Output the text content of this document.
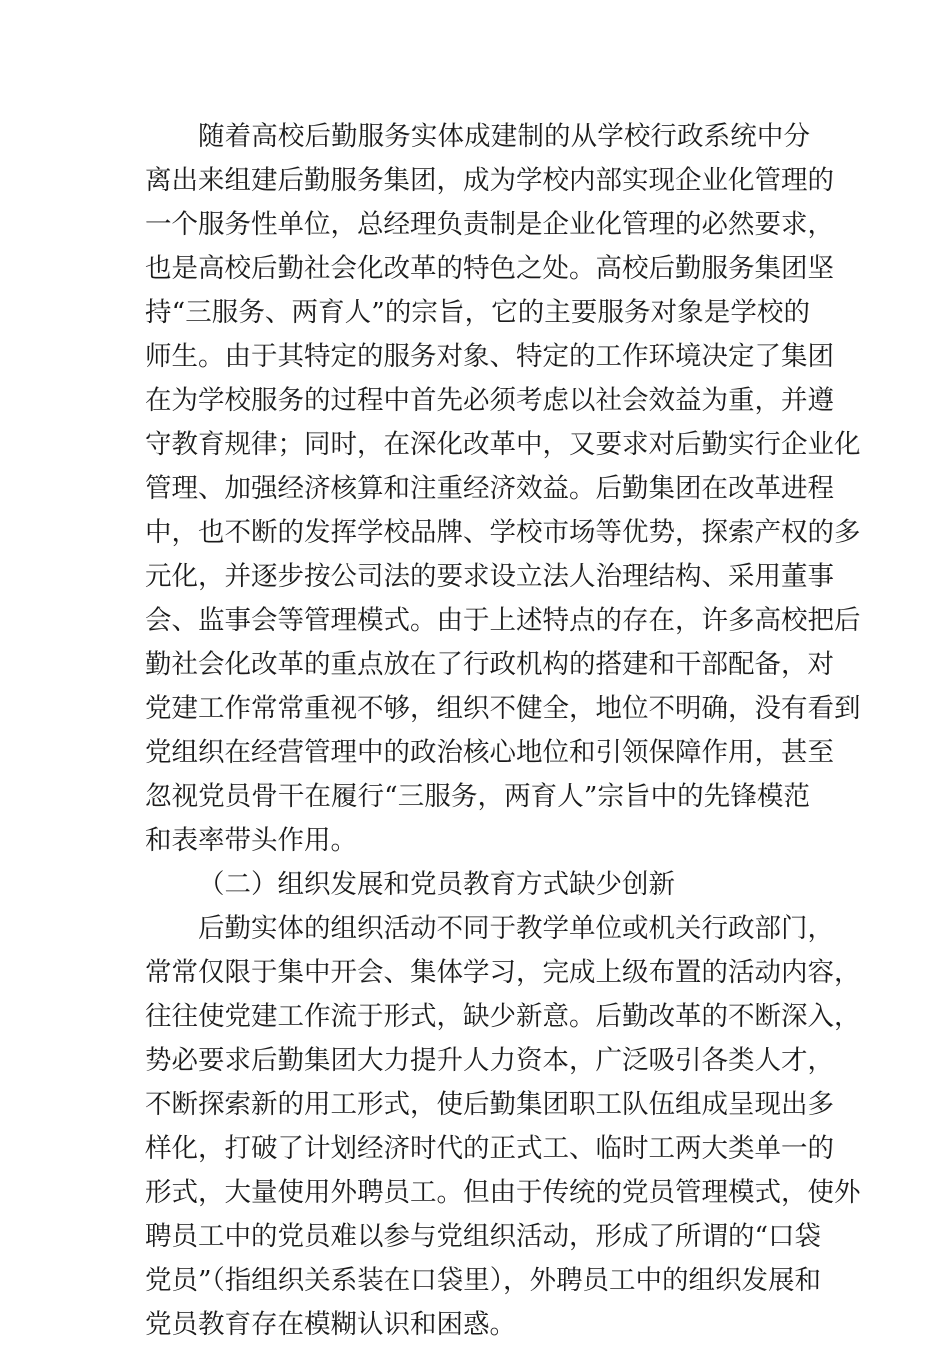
随着高校后勤服务实体成建制的从学校行政系统中分
离出来组建后勤服务集团，成为学校内部实现企业化管理的
一个服务性单位，总经理负责制是企业化管理的必然要求，
也是高校后勤社会化改革的特色之处。高校后勤服务集团坚
持“三服务、两育人”的宗旨，它的主要服务对象是学校的
师生。由于其特定的服务对象、特定的工作环境决定了集团
在为学校服务的过程中首先必须考虑以社会效益为重，并遵
守教育规律；同时，在深化改革中，又要求对后勤实行企业化
管理、加强经济核算和注重经济效益。后勤集团在改革进程
中，也不断的发挥学校品牌、学校市场等优势，探索产权的多
元化，并逐步按公司法的要求设立法人治理结构、采用董事
会、监事会等管理模式。由于上述特点的存在，许多高校把后
勤社会化改革的重点放在了行政机构的搭建和干部配备，对
党建工作常常重视不够，组织不健全，地位不明确，没有看到
党组织在经营管理中的政治核心地位和引领保障作用，甚至
忽视党员骨干在履行“三服务，两育人”宗旨中的先锋模范
和表率带头作用。
（二）组织发展和党员教育方式缺少创新
后勤实体的组织活动不同于教学单位或机关行政部门，
常常仅限于集中开会、集体学习，完成上级布置的活动内容，
往往使党建工作流于形式，缺少新意。后勤改革的不断深入，
势必要求后勤集团大力提升人力资本，广泛吸引各类人才，
不断探索新的用工形式，使后勤集团职工队伍组成呈现出多
样化，打破了计划经济时代的正式工、临时工两大类单一的
形式，大量使用外聘员工。但由于传统的党员管理模式，使外
聘员工中的党员难以参与党组织活动，形成了所谓的“口袋
党员”（指组织关系装在口袋里），外聘员工中的组织发展和
党员教育存在模糊认识和困惑。
